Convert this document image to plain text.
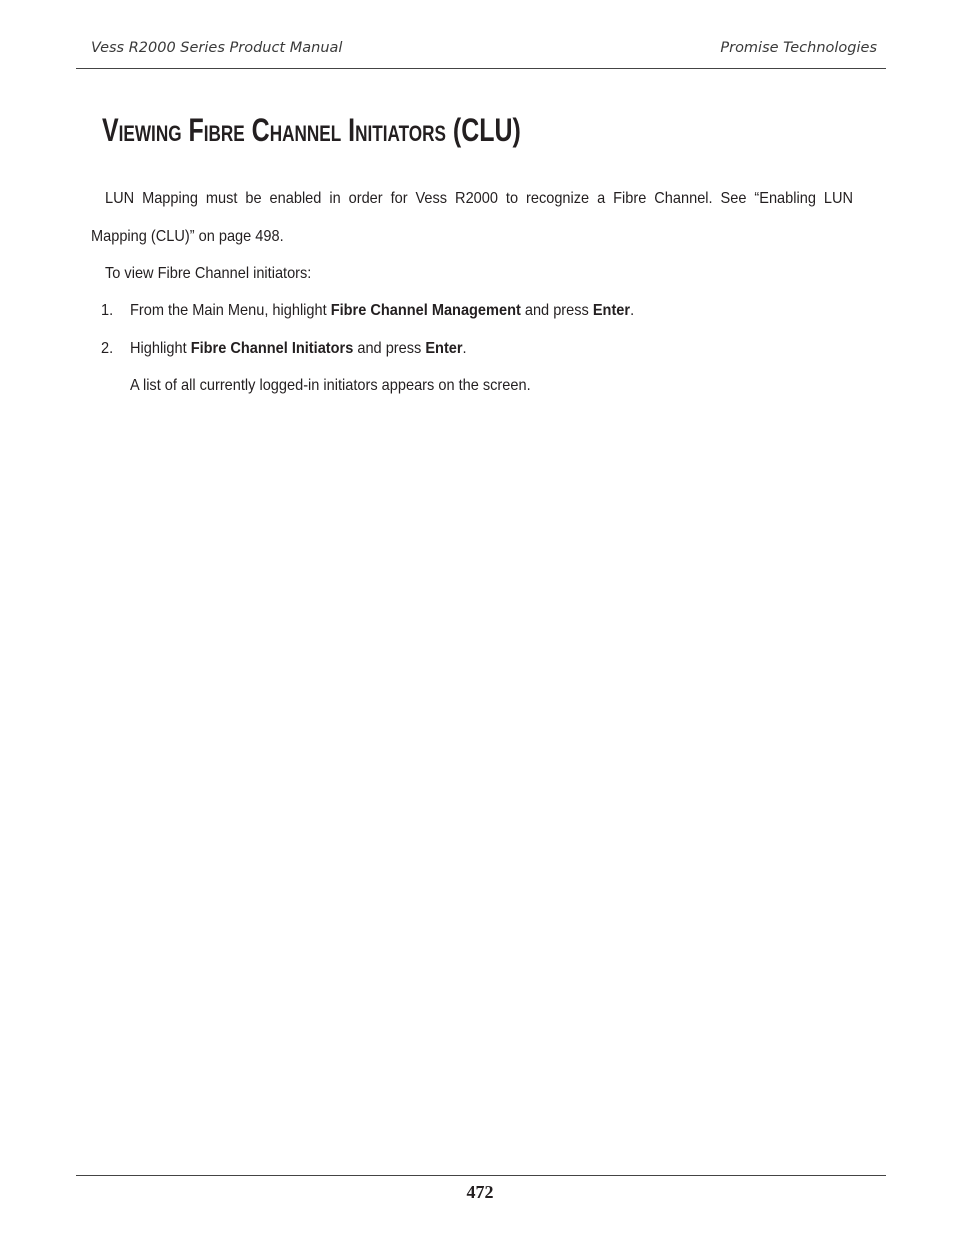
Vess R2000 Series Product Manual	Promise Technologies
Viewing Fibre Channel Initiators (CLU)
LUN Mapping must be enabled in order for Vess R2000 to recognize a Fibre Channel. See “Enabling LUN
Mapping (CLU)” on page 498.
To view Fibre Channel initiators:
1. From the Main Menu, highlight Fibre Channel Management and press Enter.
2. Highlight Fibre Channel Initiators and press Enter.
A list of all currently logged-in initiators appears on the screen.
472
